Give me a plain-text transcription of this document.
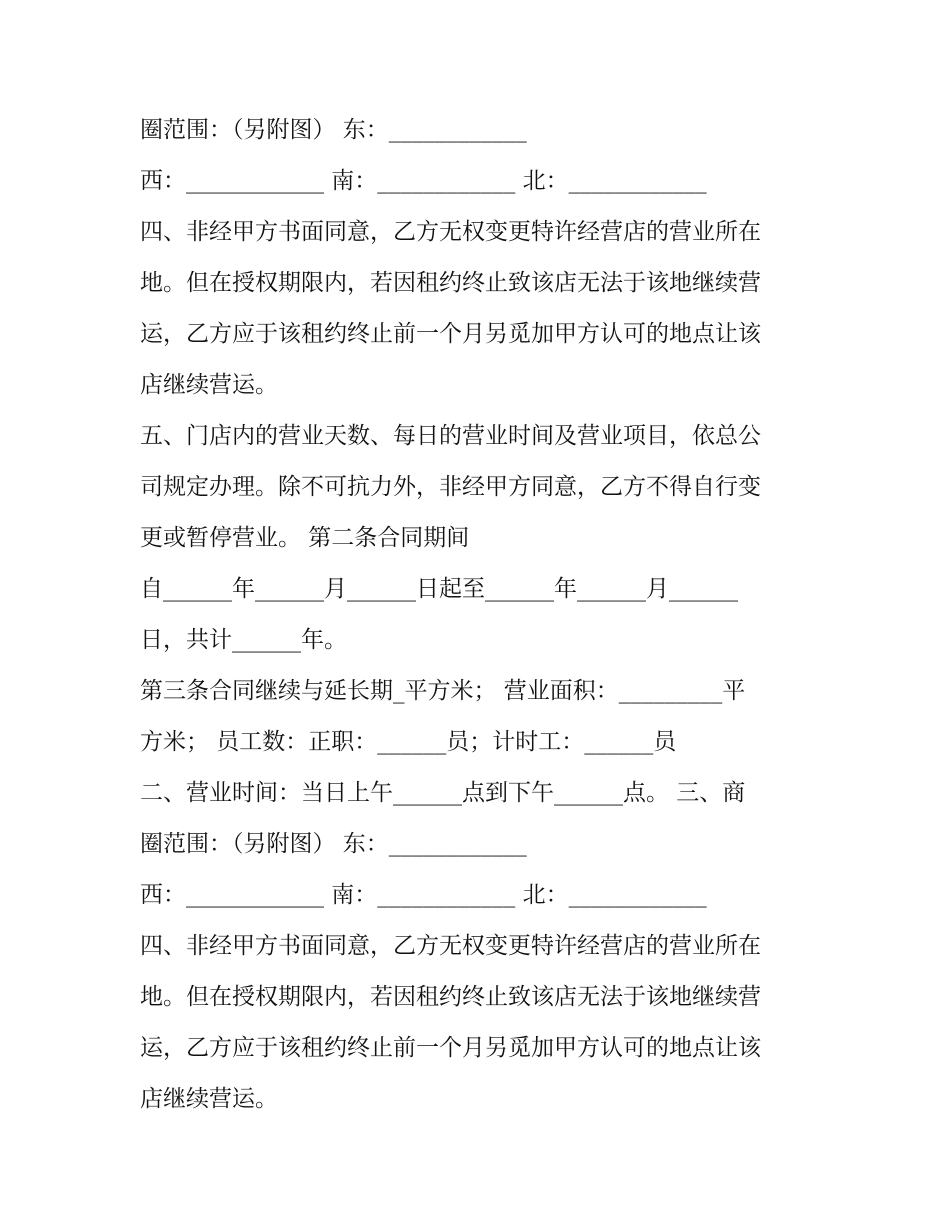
圈范围：（另附图） 东：____________
西：____________ 南：____________ 北：____________
四、非经甲方书面同意，乙方无权变更特许经营店的营业所在
地。但在授权期限内，若因租约终止致该店无法于该地继续营
运，乙方应于该租约终止前一个月另觅加甲方认可的地点让该
店继续营运。
五、门店内的营业天数、每日的营业时间及营业项目，依总公
司规定办理。除不可抗力外，非经甲方同意，乙方不得自行变
更或暂停营业。 第二条合同期间
自______年______月______日起至______年______月______
日，共计______年。
第三条合同继续与延长期_平方米； 营业面积：_________平
方米； 员工数：正职：______员；计时工：______员
二、营业时间：当日上午______点到下午______点。 三、商
圈范围：（另附图） 东：____________
西：____________ 南：____________ 北：____________
四、非经甲方书面同意，乙方无权变更特许经营店的营业所在
地。但在授权期限内，若因租约终止致该店无法于该地继续营
运，乙方应于该租约终止前一个月另觅加甲方认可的地点让该
店继续营运。
